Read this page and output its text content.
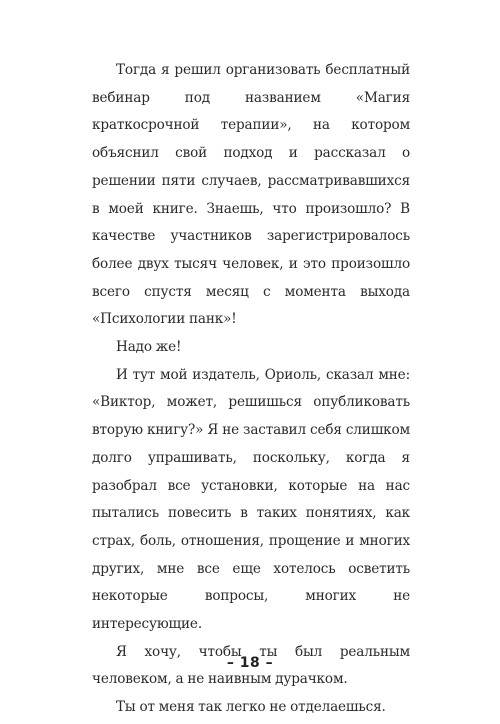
Тогда я решил организовать бесплатный вебинар под названием «Магия краткосрочной терапии», на котором объяснил свой подход и рассказал о решении пяти случаев, рассматривавшихся в моей книге. Знаешь, что произошло? В качестве участников зарегистрировалось более двух тысяч человек, и это произошло всего спустя месяц с момента выхода «Психологии панк»!

Надо же!

И тут мой издатель, Ориоль, сказал мне: «Виктор, может, решишься опубликовать вторую книгу?» Я не заставил себя слишком долго упрашивать, поскольку, когда я разобрал все установки, которые на нас пытались повесить в таких понятиях, как страх, боль, отношения, прощение и многих других, мне все еще хотелось осветить некоторые вопросы, многих не интересующие.

Я хочу, чтобы ты был реальным человеком, а не наивным дурачком.

Ты от меня так легко не отделаешься.

– 18 –
